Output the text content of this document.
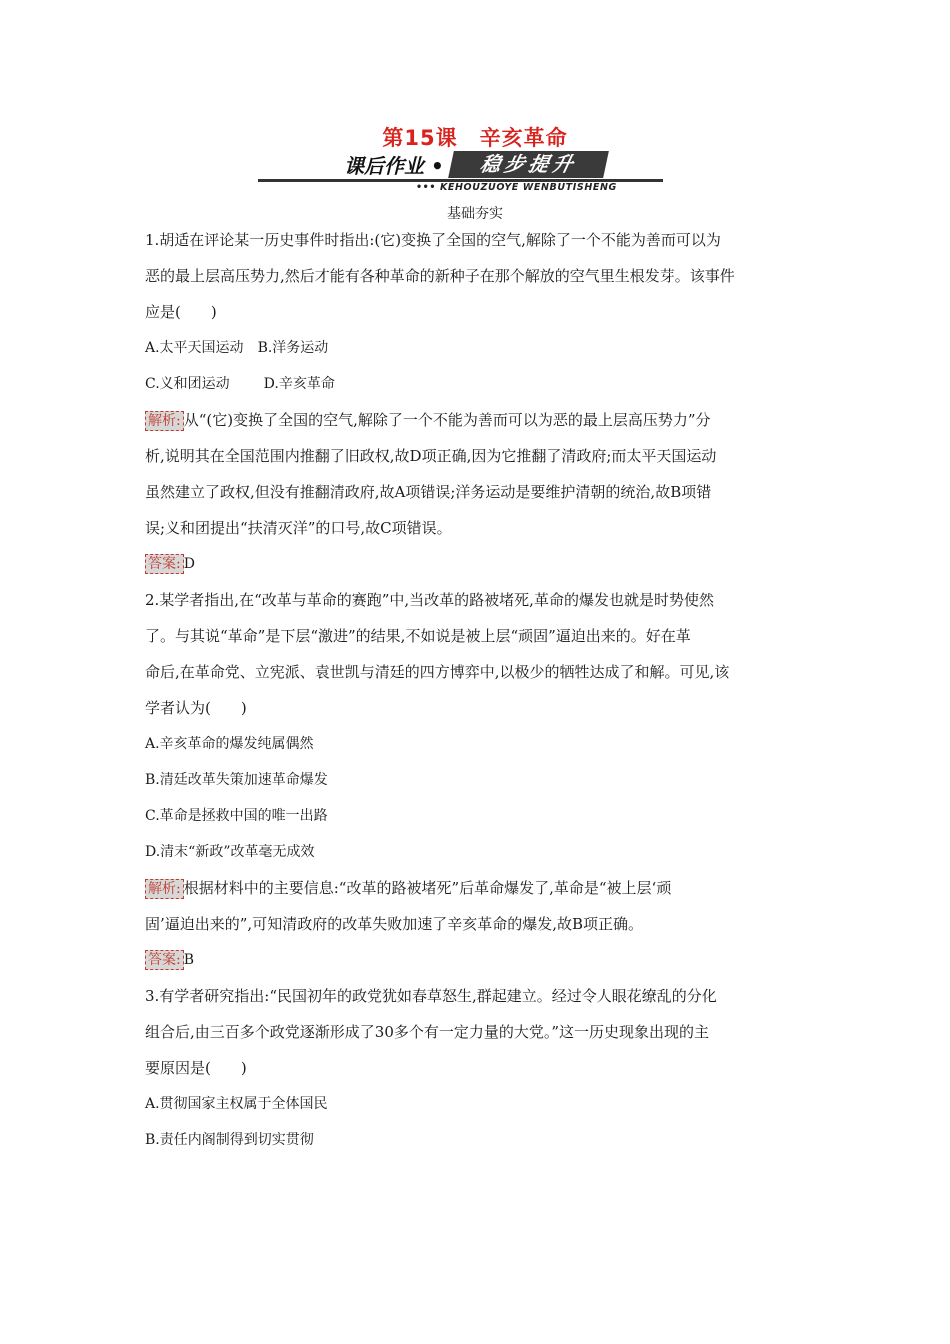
第15课　辛亥革命
课后作业 •	稳步提升
••• KEHOUZUOYE WENBUTISHENG
基础夯实
1.胡适在评论某一历史事件时指出:(它)变换了全国的空气,解除了一个不能为善而可以为
恶的最上层高压势力,然后才能有各种革命的新种子在那个解放的空气里生根发芽。该事件
应是(　　)
A.太平天国运动 B.洋务运动
C.义和团运动 D.辛亥革命
解析: 从“(它)变换了全国的空气,解除了一个不能为善而可以为恶的最上层高压势力”分
析,说明其在全国范围内推翻了旧政权,故D项正确,因为它推翻了清政府;而太平天国运动
虽然建立了政权,但没有推翻清政府,故A项错误;洋务运动是要维护清朝的统治,故B项错
误;义和团提出“扶清灭洋”的口号,故C项错误。
答案: D
2.某学者指出,在“改革与革命的赛跑”中,当改革的路被堵死,革命的爆发也就是时势使然
了。与其说“革命”是下层“激进”的结果,不如说是被上层“顽固”逼迫出来的。好在革
命后,在革命党、立宪派、袁世凯与清廷的四方博弈中,以极少的牺牲达成了和解。可见,该
学者认为(　　)
A.辛亥革命的爆发纯属偶然
B.清廷改革失策加速革命爆发
C.革命是拯救中国的唯一出路
D.清末“新政”改革毫无成效
解析: 根据材料中的主要信息:“改革的路被堵死”后革命爆发了,革命是“被上层‘顽
固’逼迫出来的”,可知清政府的改革失败加速了辛亥革命的爆发,故B项正确。
答案: B
3.有学者研究指出:“民国初年的政党犹如春草怒生,群起建立。经过令人眼花缭乱的分化
组合后,由三百多个政党逐渐形成了30多个有一定力量的大党。”这一历史现象出现的主
要原因是(　　)
A.贯彻国家主权属于全体国民
B.责任内阁制得到切实贯彻
